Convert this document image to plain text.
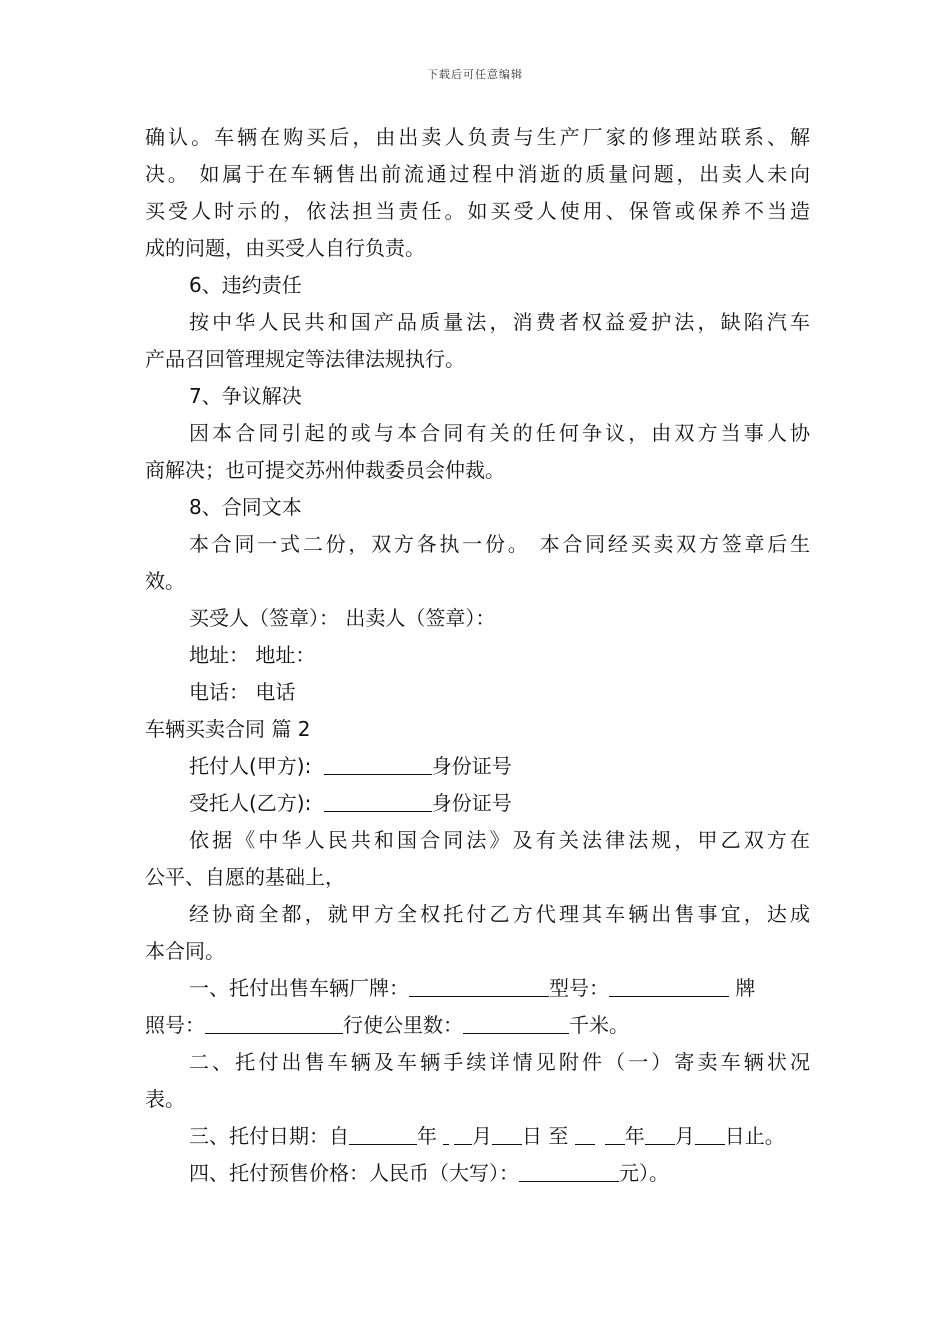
下载后可任意编辑
确认。车辆在购买后，由出卖人负责与生产厂家的修理站联系、解
决。 如属于在车辆售出前流通过程中消逝的质量问题，出卖人未向
买受人时示的，依法担当责任。如买受人使用、保管或保养不当造
成的问题，由买受人自行负责。
6、违约责任
按中华人民共和国产品质量法，消费者权益爱护法，缺陷汽车
产品召回管理规定等法律法规执行。
7、争议解决
因本合同引起的或与本合同有关的任何争议，由双方当事人协
商解决；也可提交苏州仲裁委员会仲裁。
8、合同文本
本合同一式二份，双方各执一份。 本合同经买卖双方签章后生
效。
买受人（签章）： 出卖人（签章）：
地址： 地址：
电话： 电话
车辆买卖合同 篇 2
托付人(甲方):	身份证号
受托人(乙方):	身份证号
依据《中华人民共和国合同法》及有关法律法规，甲乙双方在
公平、自愿的基础上，
经协商全都，就甲方全权托付乙方代理其车辆出售事宜，达成
本合同。
一、托付出售车辆厂牌：	型号：	牌
照号：	行使公里数：	千米。
二、托付出售车辆及车辆手续详情见附件（一）寄卖车辆状况
表。
三、托付日期：自	年 月 日 至	年 月 日止。
四、托付预售价格：人民币（大写）：	元）。
